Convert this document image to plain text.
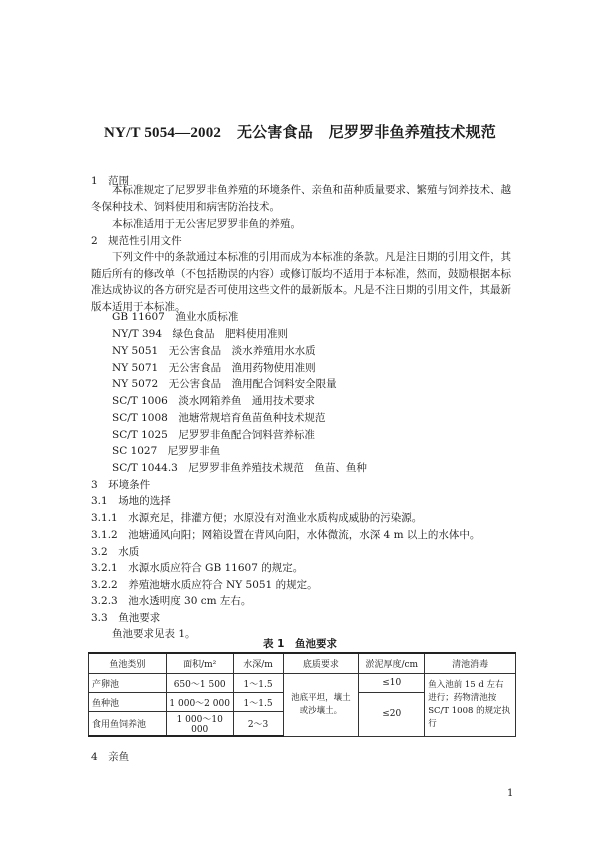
NY/T 5054—2002 无公害食品 尼罗罗非鱼养殖技术规范
1　范围
本标准规定了尼罗罗非鱼养殖的环境条件、亲鱼和苗种质量要求、繁殖与饲养技术、越冬保种技术、饲料使用和病害防治技术。
本标准适用于无公害尼罗罗非鱼的养殖。
2　规范性引用文件
下列文件中的条款通过本标准的引用而成为本标准的条款。凡是注日期的引用文件，其随后所有的修改单（不包括勘误的内容）或修订版均不适用于本标准，然而，鼓励根据本标准达成协议的各方研究是否可使用这些文件的最新版本。凡是不注日期的引用文件，其最新版本适用于本标准。
GB 11607　渔业水质标准
NY/T 394　绿色食品　肥料使用准则
NY 5051　无公害食品　淡水养殖用水水质
NY 5071　无公害食品　渔用药物使用准则
NY 5072　无公害食品　渔用配合饲料安全限量
SC/T 1006　淡水网箱养鱼　通用技术要求
SC/T 1008　池塘常规培育鱼苗鱼种技术规范
SC/T 1025　尼罗罗非鱼配合饲料营养标准
SC 1027　尼罗罗非鱼
SC/T 1044.3　尼罗罗非鱼养殖技术规范　鱼苗、鱼种
3　环境条件
3.1　场地的选择
3.1.1　水源充足，排灌方便；水原没有对渔业水质构成威胁的污染源。
3.1.2　池塘通风向阳；网箱设置在背风向阳，水体微流，水深 4 m 以上的水体中。
3.2　水质
3.2.1　水源水质应符合 GB 11607 的规定。
3.2.2　养殖池塘水质应符合 NY 5051 的规定。
3.2.3　池水透明度 30 cm 左右。
3.3　鱼池要求
鱼池要求见表 1。
表 1　鱼池要求
鱼池类别	面积/m²	水深/m	底质要求	淤泥厚度/cm	清池消毒
产卵池	650～1 500	1～1.5	池底平坦，壤土或沙壤土。	≤10	鱼入池前 15 d 左右进行；药物清池按 SC/T 1008 的规定执行
鱼种池	1 000～2 000	1～1.5		≤20	
食用鱼饲养池	1 000～10 000	2～3			
4　亲鱼
1
